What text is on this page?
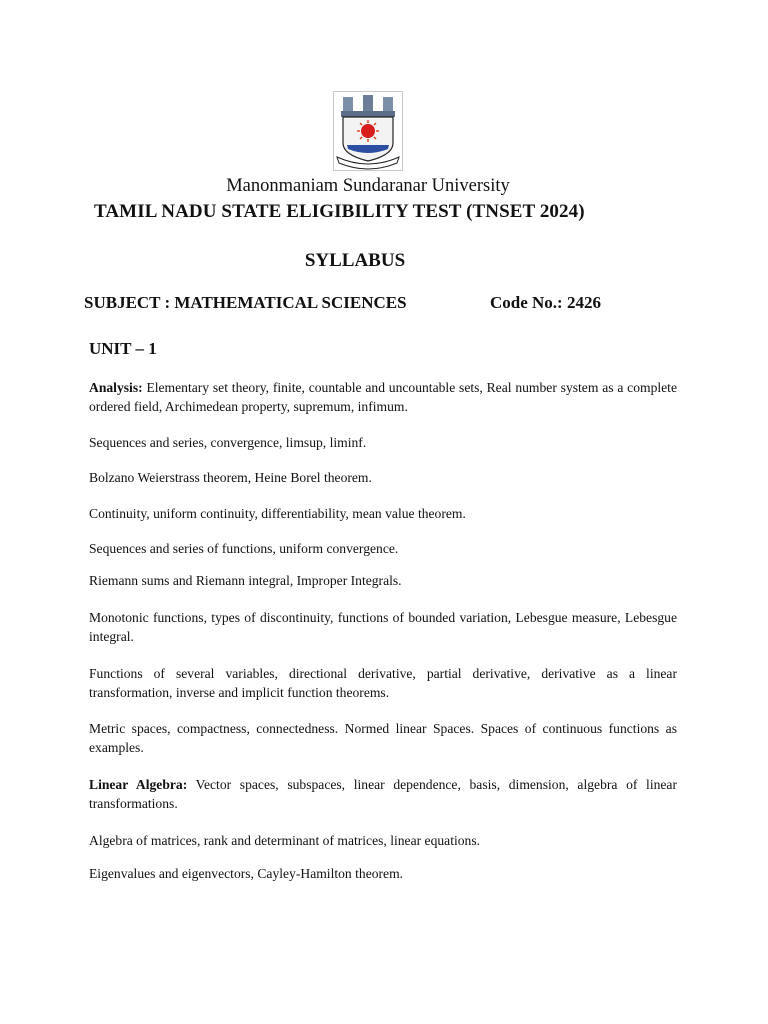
Manonmaniam Sundaranar University
TAMIL NADU STATE ELIGIBILITY TEST (TNSET 2024)
SYLLABUS
SUBJECT : MATHEMATICAL SCIENCES	Code No.: 2426
UNIT – 1
Analysis: Elementary set theory, finite, countable and uncountable sets, Real number system as a complete ordered field, Archimedean property, supremum, infimum.
Sequences and series, convergence, limsup, liminf.
Bolzano Weierstrass theorem, Heine Borel theorem.
Continuity, uniform continuity, differentiability, mean value theorem.
Sequences and series of functions, uniform convergence.
Riemann sums and Riemann integral, Improper Integrals.
Monotonic functions, types of discontinuity, functions of bounded variation, Lebesgue measure, Lebesgue integral.
Functions of several variables, directional derivative, partial derivative, derivative as a linear transformation, inverse and implicit function theorems.
Metric spaces, compactness, connectedness. Normed linear Spaces. Spaces of continuous functions as examples.
Linear Algebra: Vector spaces, subspaces, linear dependence, basis, dimension, algebra of linear transformations.
Algebra of matrices, rank and determinant of matrices, linear equations.
Eigenvalues and eigenvectors, Cayley-Hamilton theorem.
